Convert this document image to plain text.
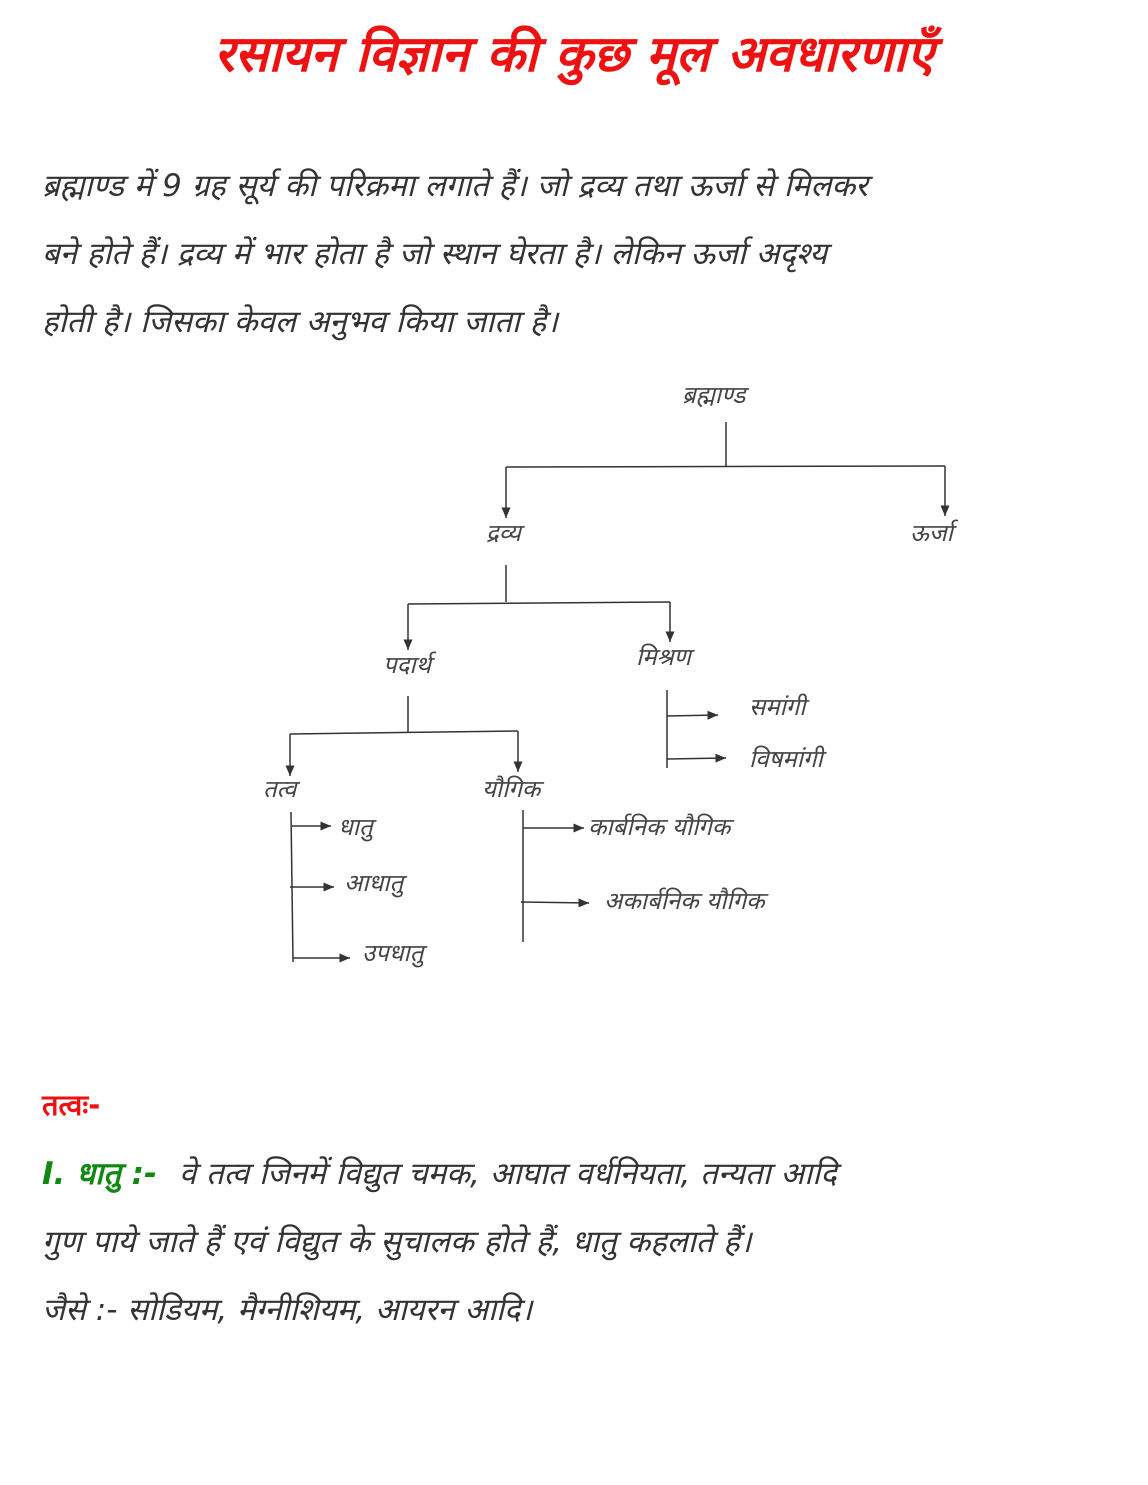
रसायन विज्ञान की कुछ मूल अवधारणाएँ

ब्रह्माण्ड में 9 ग्रह सूर्य की परिक्रमा लगाते हैं। जो द्रव्य तथा ऊर्जा से मिलकर

बने होते हैं। द्रव्य में भार होता है जो स्थान घेरता है। लेकिन ऊर्जा अदृश्य

होती है। जिसका केवल अनुभव किया जाता है।

ब्रह्माण्ड
द्रव्य	ऊर्जा
पदार्थ	मिश्रण
समांगी
विषमांगी
तत्व	यौगिक
धातु
आधातु
उपधातु
कार्बनिक यौगिक
अकार्बनिक यौगिक
तत्वः-

I. धातु :- वे तत्व जिनमें विद्युत चमक, आघात वर्धनियता, तन्यता आदि

गुण पाये जाते हैं एवं विद्युत के सुचालक होते हैं, धातु कहलाते हैं।

जैसे :- सोडियम, मैग्नीशियम, आयरन आदि।
